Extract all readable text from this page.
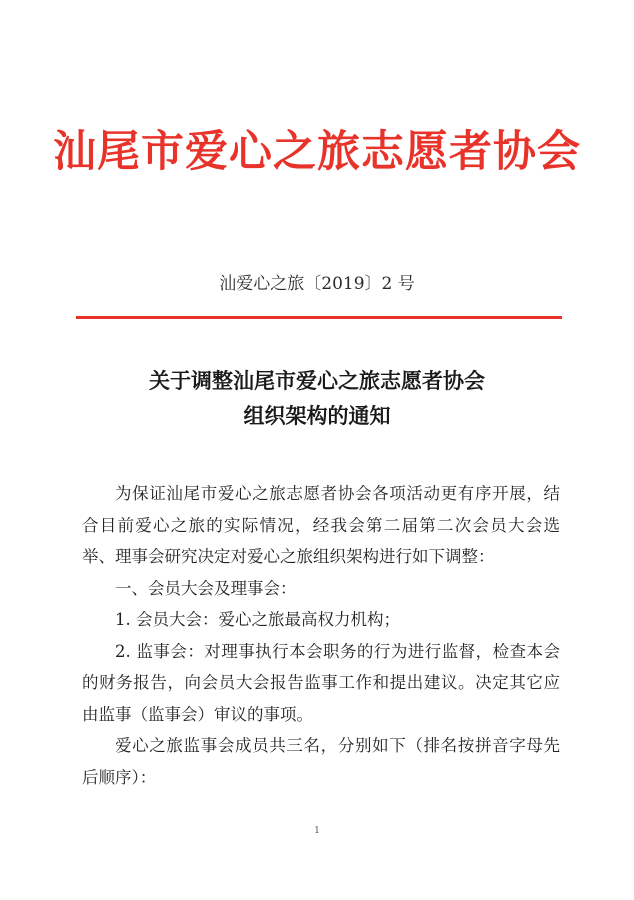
汕尾市爱心之旅志愿者协会
汕爱心之旅〔2019〕2 号
关于调整汕尾市爱心之旅志愿者协会
组织架构的通知

为保证汕尾市爱心之旅志愿者协会各项活动更有序开展，结合目前爱心之旅的实际情况，经我会第二届第二次会员大会选举、理事会研究决定对爱心之旅组织架构进行如下调整：

一、会员大会及理事会：

1. 会员大会：爱心之旅最高权力机构；

2. 监事会：对理事执行本会职务的行为进行监督，检查本会的财务报告，向会员大会报告监事工作和提出建议。决定其它应由监事（监事会）审议的事项。

爱心之旅监事会成员共三名，分别如下（排名按拼音字母先后顺序）：

1
